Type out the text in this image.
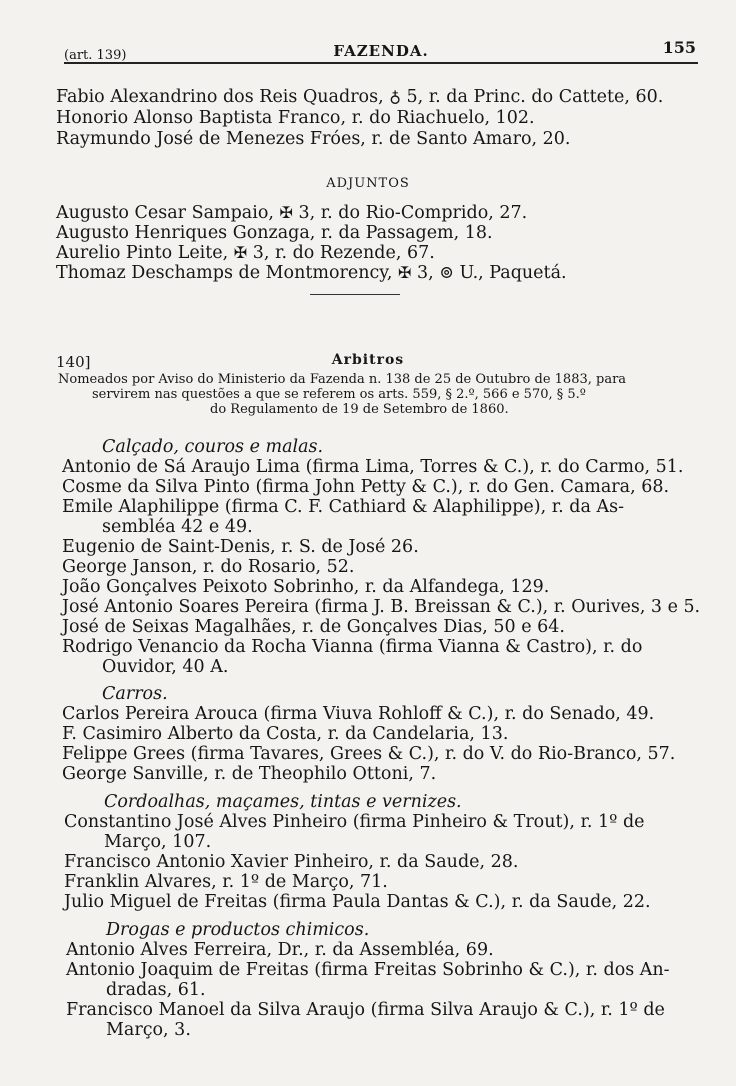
(art. 139)	FAZENDA.	155
Fabio Alexandrino dos Reis Quadros, ♁ 5, r. da Princ. do Cattete, 60.
Honorio Alonso Baptista Franco, r. do Riachuelo, 102.
Raymundo José de Menezes Fróes, r. de Santo Amaro, 20.
ADJUNTOS
Augusto Cesar Sampaio, ✠ 3, r. do Rio-Comprido, 27.
Augusto Henriques Gonzaga, r. da Passagem, 18.
Aurelio Pinto Leite, ✠ 3, r. do Rezende, 67.
Thomaz Deschamps de Montmorency, ✠ 3, ⊚ U., Paquetá.
140]	Arbitros
Nomeados por Aviso do Ministerio da Fazenda n. 138 de 25 de Outubro de 1883, para
servirem nas questões a que se referem os arts. 559, § 2.º, 566 e 570, § 5.º
do Regulamento de 19 de Setembro de 1860.
Calçado, couros e malas.
Antonio de Sá Araujo Lima (firma Lima, Torres & C.), r. do Carmo, 51.
Cosme da Silva Pinto (firma John Petty & C.), r. do Gen. Camara, 68.
Emile Alaphilippe (firma C. F. Cathiard & Alaphilippe), r. da As-
sembléa 42 e 49.
Eugenio de Saint-Denis, r. S. de José 26.
George Janson, r. do Rosario, 52.
João Gonçalves Peixoto Sobrinho, r. da Alfandega, 129.
José Antonio Soares Pereira (firma J. B. Breissan & C.), r. Ourives, 3 e 5.
José de Seixas Magalhães, r. de Gonçalves Dias, 50 e 64.
Rodrigo Venancio da Rocha Vianna (firma Vianna & Castro), r. do
Ouvidor, 40 A.
Carros.
Carlos Pereira Arouca (firma Viuva Rohloff & C.), r. do Senado, 49.
F. Casimiro Alberto da Costa, r. da Candelaria, 13.
Felippe Grees (firma Tavares, Grees & C.), r. do V. do Rio-Branco, 57.
George Sanville, r. de Theophilo Ottoni, 7.
Cordoalhas, maçames, tintas e vernizes.
Constantino José Alves Pinheiro (firma Pinheiro & Trout), r. 1º de
Março, 107.
Francisco Antonio Xavier Pinheiro, r. da Saude, 28.
Franklin Alvares, r. 1º de Março, 71.
Julio Miguel de Freitas (firma Paula Dantas & C.), r. da Saude, 22.
Drogas e productos chimicos.
Antonio Alves Ferreira, Dr., r. da Assembléa, 69.
Antonio Joaquim de Freitas (firma Freitas Sobrinho & C.), r. dos An-
dradas, 61.
Francisco Manoel da Silva Araujo (firma Silva Araujo & C.), r. 1º de
Março, 3.
